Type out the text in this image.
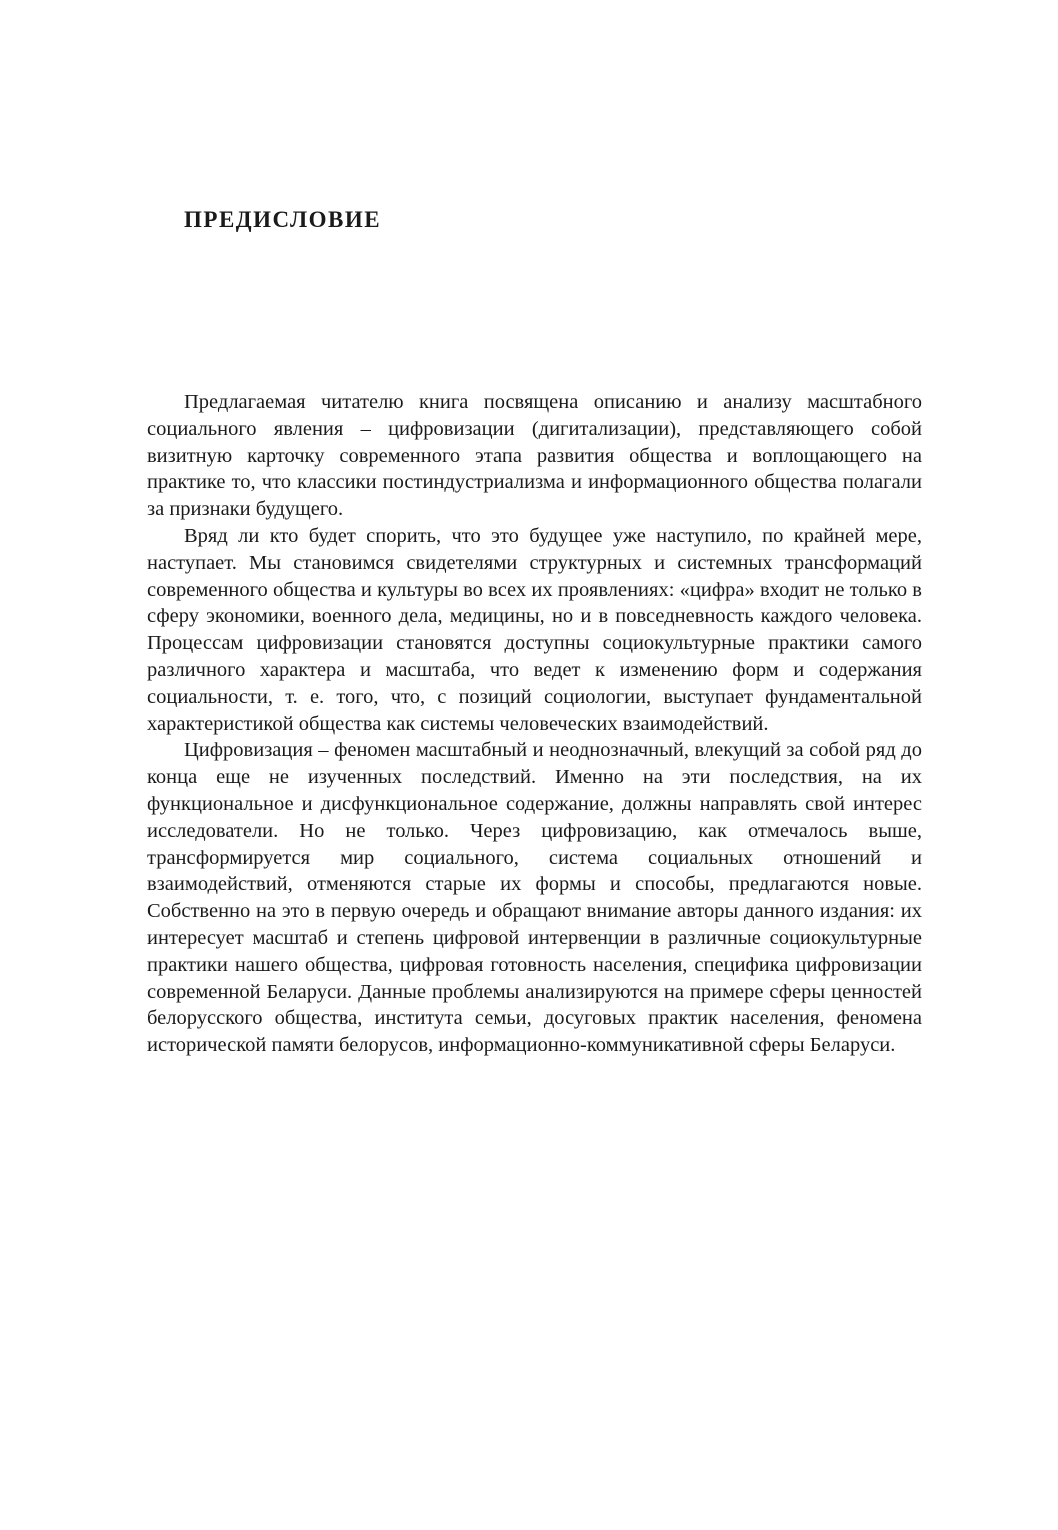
ПРЕДИСЛОВИЕ

Предлагаемая читателю книга посвящена описанию и анализу масштабного социального явления – цифровизации (дигитализации), представляющего собой визитную карточку современного этапа развития общества и воплощающего на практике то, что классики постиндустриализма и информационного общества полагали за признаки будущего.

Вряд ли кто будет спорить, что это будущее уже наступило, по крайней мере, наступает. Мы становимся свидетелями структурных и системных трансформаций современного общества и культуры во всех их проявлениях: «цифра» входит не только в сферу экономики, военного дела, медицины, но и в повседневность каждого человека. Процессам цифровизации становятся доступны социокультурные практики самого различного характера и масштаба, что ведет к изменению форм и содержания социальности, т. е. того, что, с позиций социологии, выступает фундаментальной характеристикой общества как системы человеческих взаимодействий.

Цифровизация – феномен масштабный и неоднозначный, влекущий за собой ряд до конца еще не изученных последствий. Именно на эти последствия, на их функциональное и дисфункциональное содержание, должны направлять свой интерес исследователи. Но не только. Через цифровизацию, как отмечалось выше, трансформируется мир социального, система социальных отношений и взаимодействий, отменяются старые их формы и способы, предлагаются новые. Собственно на это в первую очередь и обращают внимание авторы данного издания: их интересует масштаб и степень цифровой интервенции в различные социокультурные практики нашего общества, цифровая готовность населения, специфика цифровизации современной Беларуси. Данные проблемы анализируются на примере сферы ценностей белорусского общества, института семьи, досуговых практик населения, феномена исторической памяти белорусов, информационно-коммуникативной сферы Беларуси.
